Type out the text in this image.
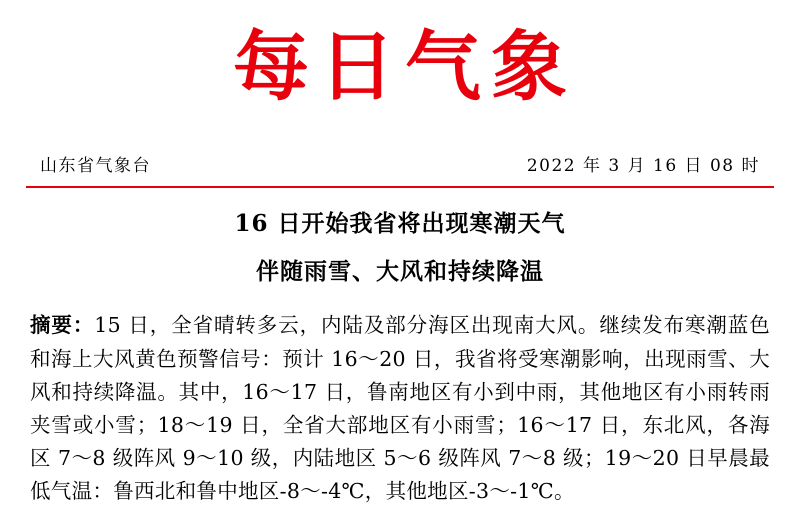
每日气象
山东省气象台	2022 年 3 月 16 日 08 时
16 日开始我省将出现寒潮天气
伴随雨雪、大风和持续降温
摘要：15 日，全省晴转多云，内陆及部分海区出现南大风。继续发布寒潮蓝色和海上大风黄色预警信号：预计 16～20 日，我省将受寒潮影响，出现雨雪、大风和持续降温。其中，16～17 日，鲁南地区有小到中雨，其他地区有小雨转雨夹雪或小雪；18～19 日，全省大部地区有小雨雪；16～17 日，东北风，各海区 7～8 级阵风 9～10 级，内陆地区 5～6 级阵风 7～8 级；19～20 日早晨最低气温：鲁西北和鲁中地区-8～-4℃，其他地区-3～-1℃。
